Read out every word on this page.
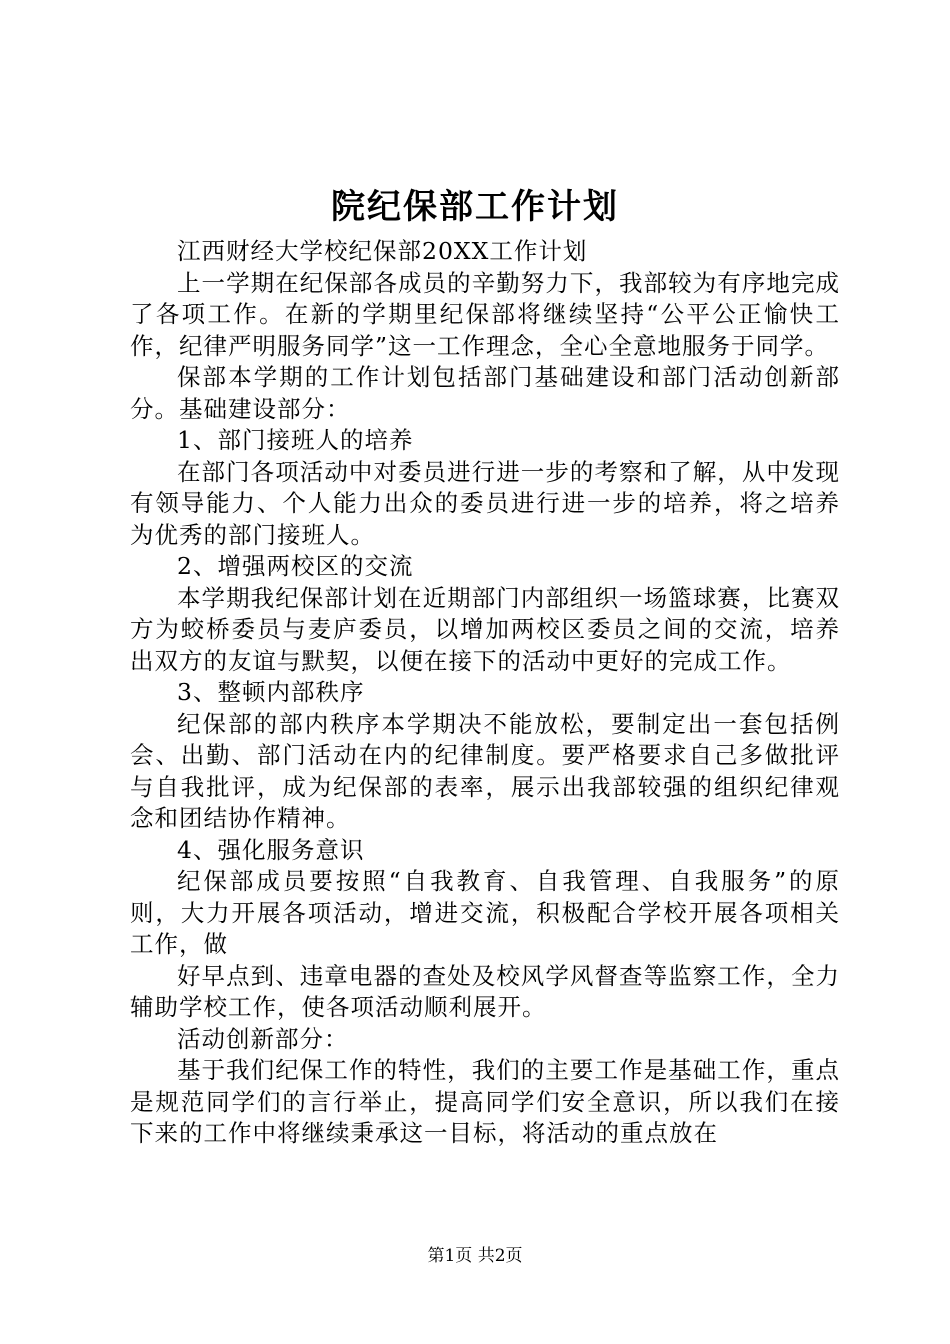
院纪保部工作计划

江西财经大学校纪保部20XX工作计划

上一学期在纪保部各成员的辛勤努力下，我部较为有序地完成了各项工作。在新的学期里纪保部将继续坚持“公平公正愉快工作，纪律严明服务同学”这一工作理念，全心全意地服务于同学。

保部本学期的工作计划包括部门基础建设和部门活动创新部分。基础建设部分：

1、部门接班人的培养

在部门各项活动中对委员进行进一步的考察和了解，从中发现有领导能力、个人能力出众的委员进行进一步的培养，将之培养为优秀的部门接班人。

2、增强两校区的交流

本学期我纪保部计划在近期部门内部组织一场篮球赛，比赛双方为蛟桥委员与麦庐委员，以增加两校区委员之间的交流，培养出双方的友谊与默契，以便在接下的活动中更好的完成工作。

3、整顿内部秩序

纪保部的部内秩序本学期决不能放松，要制定出一套包括例会、出勤、部门活动在内的纪律制度。要严格要求自己多做批评与自我批评，成为纪保部的表率，展示出我部较强的组织纪律观念和团结协作精神。

4、强化服务意识

纪保部成员要按照“自我教育、自我管理、自我服务”的原则，大力开展各项活动，增进交流，积极配合学校开展各项相关工作，做

好早点到、违章电器的查处及校风学风督查等监察工作，全力辅助学校工作，使各项活动顺利展开。

活动创新部分：

基于我们纪保工作的特性，我们的主要工作是基础工作，重点是规范同学们的言行举止，提高同学们安全意识，所以我们在接下来的工作中将继续秉承这一目标，将活动的重点放在

第1页 共2页
